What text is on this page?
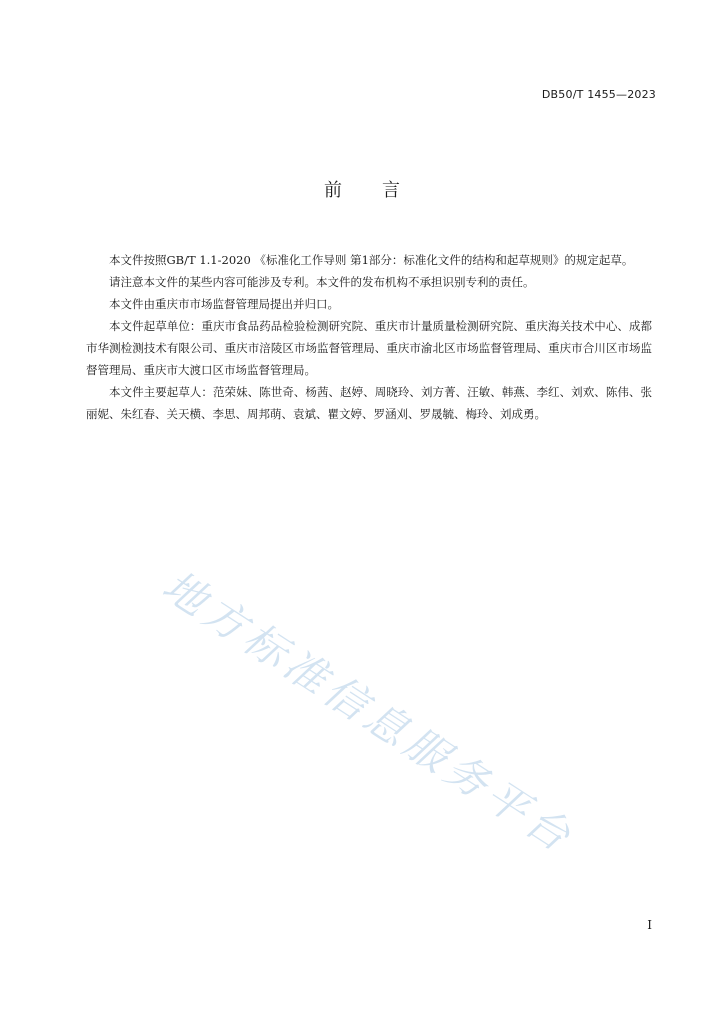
DB50/T 1455—2023
前言

本文件按照GB/T 1.1-2020 《标准化工作导则 第1部分：标准化文件的结构和起草规则》的规定起草。

请注意本文件的某些内容可能涉及专利。本文件的发布机构不承担识别专利的责任。

本文件由重庆市市场监督管理局提出并归口。

本文件起草单位：重庆市食品药品检验检测研究院、重庆市计量质量检测研究院、重庆海关技术中心、成都市华测检测技术有限公司、重庆市涪陵区市场监督管理局、重庆市渝北区市场监督管理局、重庆市合川区市场监督管理局、重庆市大渡口区市场监督管理局。

本文件主要起草人：范荣妹、陈世奇、杨茜、赵婷、周晓玲、刘方菁、汪敏、韩燕、李红、刘欢、陈伟、张丽妮、朱红春、关天横、李思、周邦萌、袁斌、瞿文婷、罗涵刈、罗晟毓、梅玲、刘成勇。

地方标准信息服务平台
I
